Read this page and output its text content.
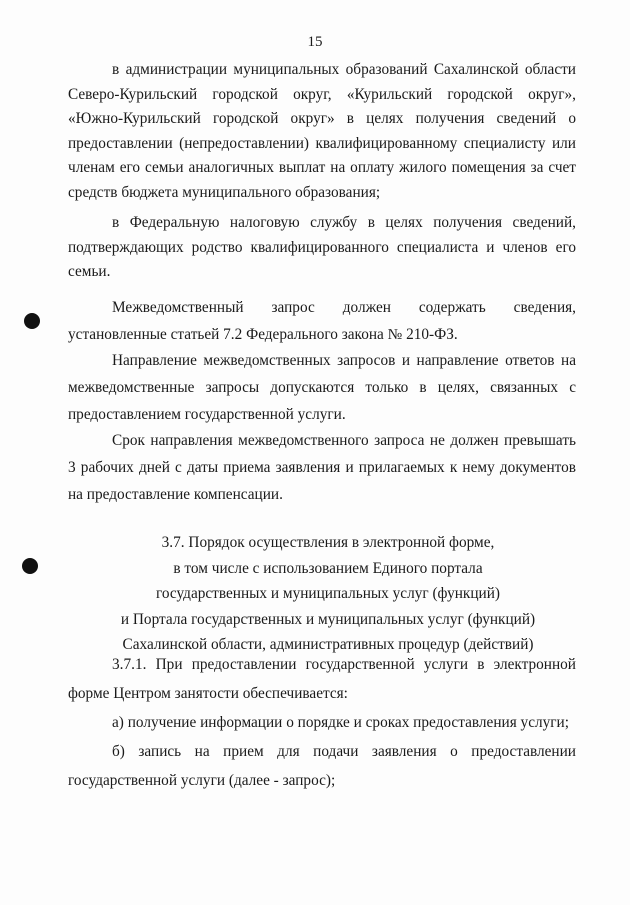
15

в администрации муниципальных образований Сахалинской области Северо-Курильский городской округ, «Курильский городской округ», «Южно-Курильский городской округ» в целях получения сведений о предоставлении (непредоставлении) квалифицированному специалисту или членам его семьи аналогичных выплат на оплату жилого помещения за счет средств бюджета муниципального образования;

в Федеральную налоговую службу в целях получения сведений, подтверждающих родство квалифицированного специалиста и членов его семьи.

Межведомственный запрос должен содержать сведения, установленные статьей 7.2 Федерального закона № 210-ФЗ.

Направление межведомственных запросов и направление ответов на межведомственные запросы допускаются только в целях, связанных с предоставлением государственной услуги.

Срок направления межведомственного запроса не должен превышать 3 рабочих дней с даты приема заявления и прилагаемых к нему документов на предоставление компенсации.

3.7. Порядок осуществления в электронной форме,
в том числе с использованием Единого портала
государственных и муниципальных услуг (функций)
и Портала государственных и муниципальных услуг (функций)
Сахалинской области, административных процедур (действий)

3.7.1. При предоставлении государственной услуги в электронной форме Центром занятости обеспечивается:

а) получение информации о порядке и сроках предоставления услуги;

б) запись на прием для подачи заявления о предоставлении государственной услуги (далее - запрос);
